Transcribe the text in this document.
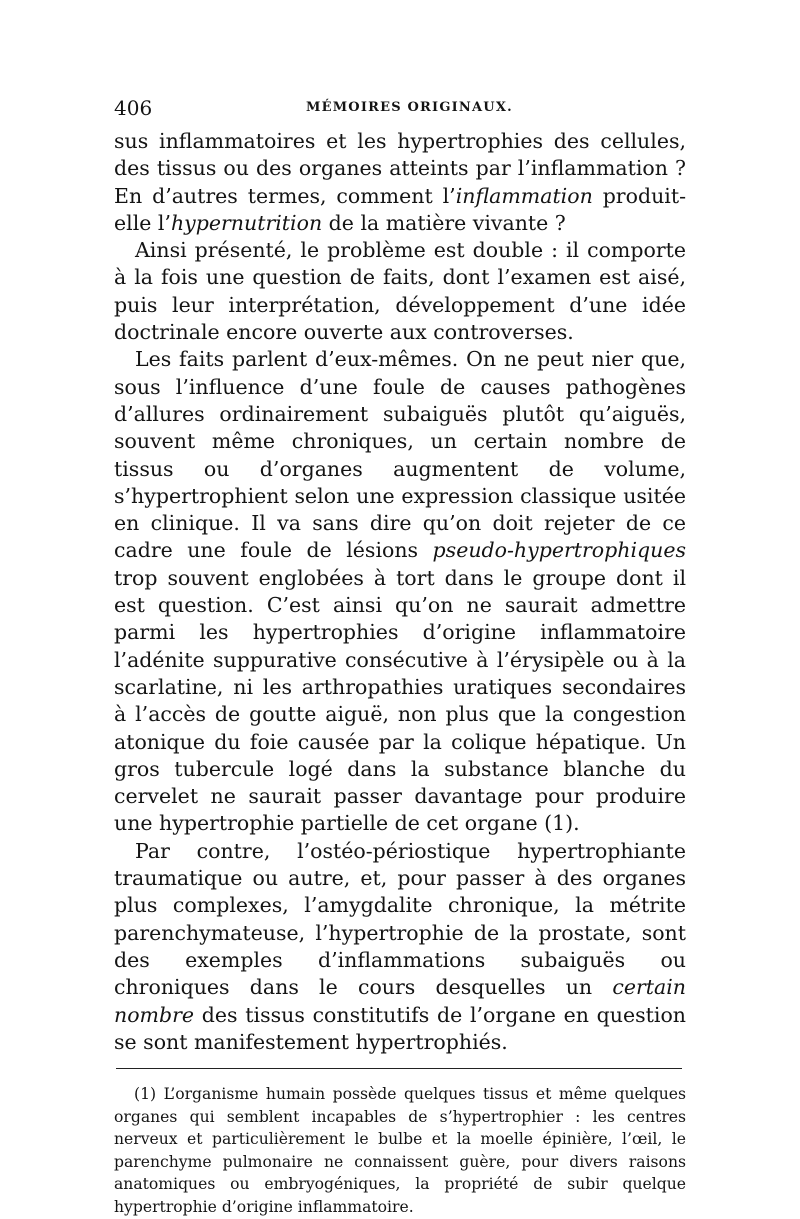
406	MÉMOIRES ORIGINAUX.

sus inflammatoires et les hypertrophies des cellules, des tissus ou des organes atteints par l’inflammation ? En d’autres termes, comment l’inflammation produit-elle l’hypernutrition de la matière vivante ?

Ainsi présenté, le problème est double : il comporte à la fois une question de faits, dont l’examen est aisé, puis leur interprétation, développement d’une idée doctrinale encore ouverte aux controverses.

Les faits parlent d’eux-mêmes. On ne peut nier que, sous l’influence d’une foule de causes pathogènes d’allures ordinairement subaiguës plutôt qu’aiguës, souvent même chroniques, un certain nombre de tissus ou d’organes augmentent de volume, s’hypertrophient selon une expression classique usitée en clinique. Il va sans dire qu’on doit rejeter de ce cadre une foule de lésions pseudo-hypertrophiques trop souvent englobées à tort dans le groupe dont il est question. C’est ainsi qu’on ne saurait admettre parmi les hypertrophies d’origine inflammatoire l’adénite suppurative consécutive à l’érysipèle ou à la scarlatine, ni les arthropathies uratiques secondaires à l’accès de goutte aiguë, non plus que la congestion atonique du foie causée par la colique hépatique. Un gros tubercule logé dans la substance blanche du cervelet ne saurait passer davantage pour produire une hypertrophie partielle de cet organe (1).

Par contre, l’ostéo-périostique hypertrophiante traumatique ou autre, et, pour passer à des organes plus complexes, l’amygdalite chronique, la métrite parenchymateuse, l’hypertrophie de la prostate, sont des exemples d’inflammations subaiguës ou chroniques dans le cours desquelles un certain nombre des tissus constitutifs de l’organe en question se sont manifestement hypertrophiés.

(1) L’organisme humain possède quelques tissus et même quelques organes qui semblent incapables de s’hypertrophier : les centres nerveux et particulièrement le bulbe et la moelle épinière, l’œil, le parenchyme pulmonaire ne connaissent guère, pour divers raisons anatomiques ou embryogéniques, la propriété de subir quelque hypertrophie d’origine inflammatoire.
